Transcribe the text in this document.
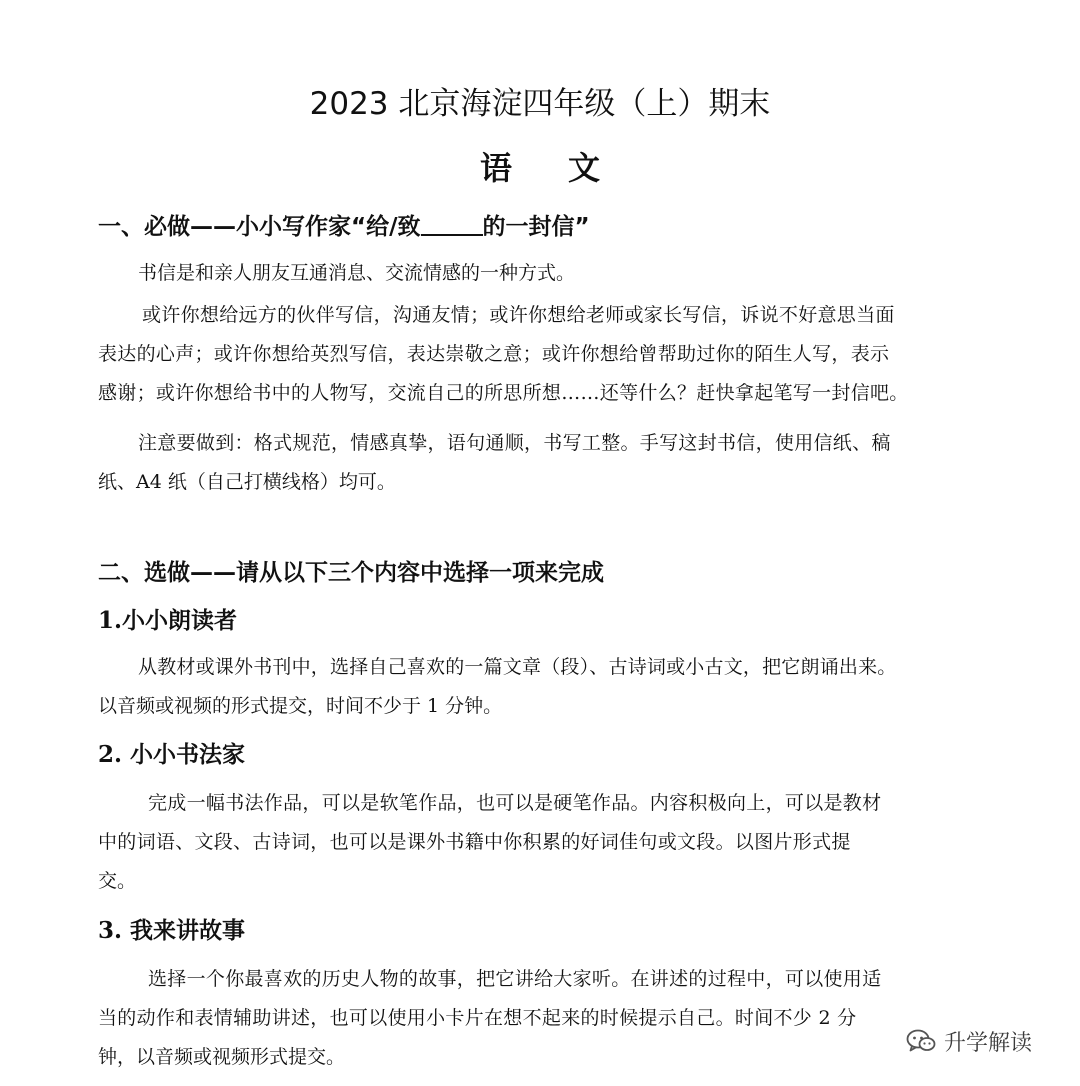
2023 北京海淀四年级（上）期末
语 文
一、必做——小小写作家“给/致	的一封信”
书信是和亲人朋友互通消息、交流情感的一种方式。
或许你想给远方的伙伴写信，沟通友情；或许你想给老师或家长写信，诉说不好意思当面
表达的心声；或许你想给英烈写信，表达崇敬之意；或许你想给曾帮助过你的陌生人写，表示
感谢；或许你想给书中的人物写，交流自己的所思所想……还等什么？赶快拿起笔写一封信吧。
注意要做到：格式规范，情感真挚，语句通顺，书写工整。手写这封书信，使用信纸、稿
纸、A4 纸（自己打横线格）均可。
二、选做——请从以下三个内容中选择一项来完成
1.小小朗读者
从教材或课外书刊中，选择自己喜欢的一篇文章（段）、古诗词或小古文，把它朗诵出来。
以音频或视频的形式提交，时间不少于 1 分钟。
2. 小小书法家
完成一幅书法作品，可以是软笔作品，也可以是硬笔作品。内容积极向上，可以是教材
中的词语、文段、古诗词，也可以是课外书籍中你积累的好词佳句或文段。以图片形式提
交。
3. 我来讲故事
选择一个你最喜欢的历史人物的故事，把它讲给大家听。在讲述的过程中，可以使用适
当的动作和表情辅助讲述，也可以使用小卡片在想不起来的时候提示自己。时间不少 2 分
钟，以音频或视频形式提交。
升学解读
